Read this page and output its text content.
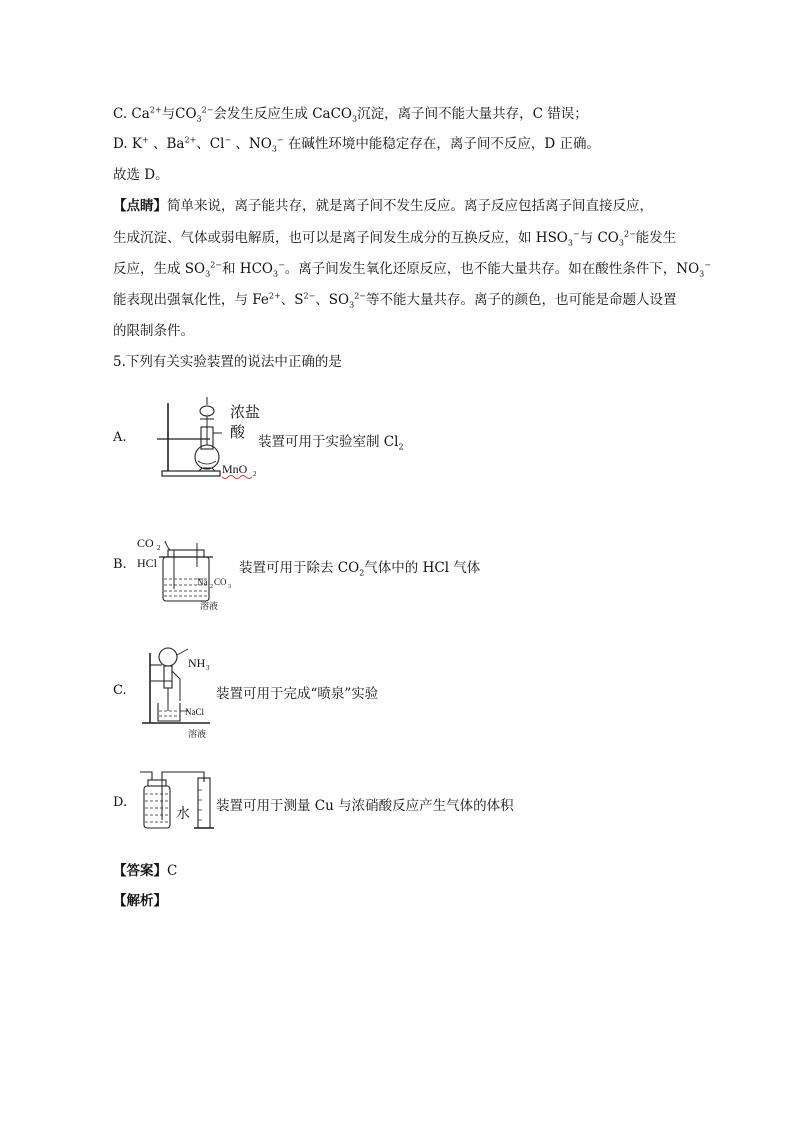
C. $Ca^{2+}$与$CO_3^{2-}$会发生反应生成 CaCO$_3$沉淀，离子间不能大量共存，C 错误；
D. K+ 、$Ba^{2+}$、Cl− 、$NO_3^-$ 在碱性环境中能稳定存在，离子间不反应，D 正确。
故选 D。
【点睛】简单来说，离子能共存，就是离子间不发生反应。离子反应包括离子间直接反应，
生成沉淀、气体或弱电解质，也可以是离子间发生成分的互换反应，如 $HSO_3^-$与 $CO_3^{2-}$能发生
反应，生成 $SO_3^{2-}$和 $HCO_3^-$。离子间发生氧化还原反应，也不能大量共存。如在酸性条件下，$NO_3^-$
能表现出强氧化性，与 $Fe^{2+}$、$S^{2-}$、$SO_3^{2-}$等不能大量共存。离子的颜色，也可能是命题人设置
的限制条件。
5.下列有关实验装置的说法中正确的是
A.
浓盐
酸
MnO 2
装置可用于实验室制 $Cl_2$
B.
CO 2
HCl
Na 2 CO 3
溶液
装置可用于除去 $CO_2$气体中的 HCl 气体
C.
NH 3
NaCl
溶液
装置可用于完成“喷泉”实验
D.
水
装置可用于测量 Cu 与浓硝酸反应产生气体的体积
【答案】C
【解析】
